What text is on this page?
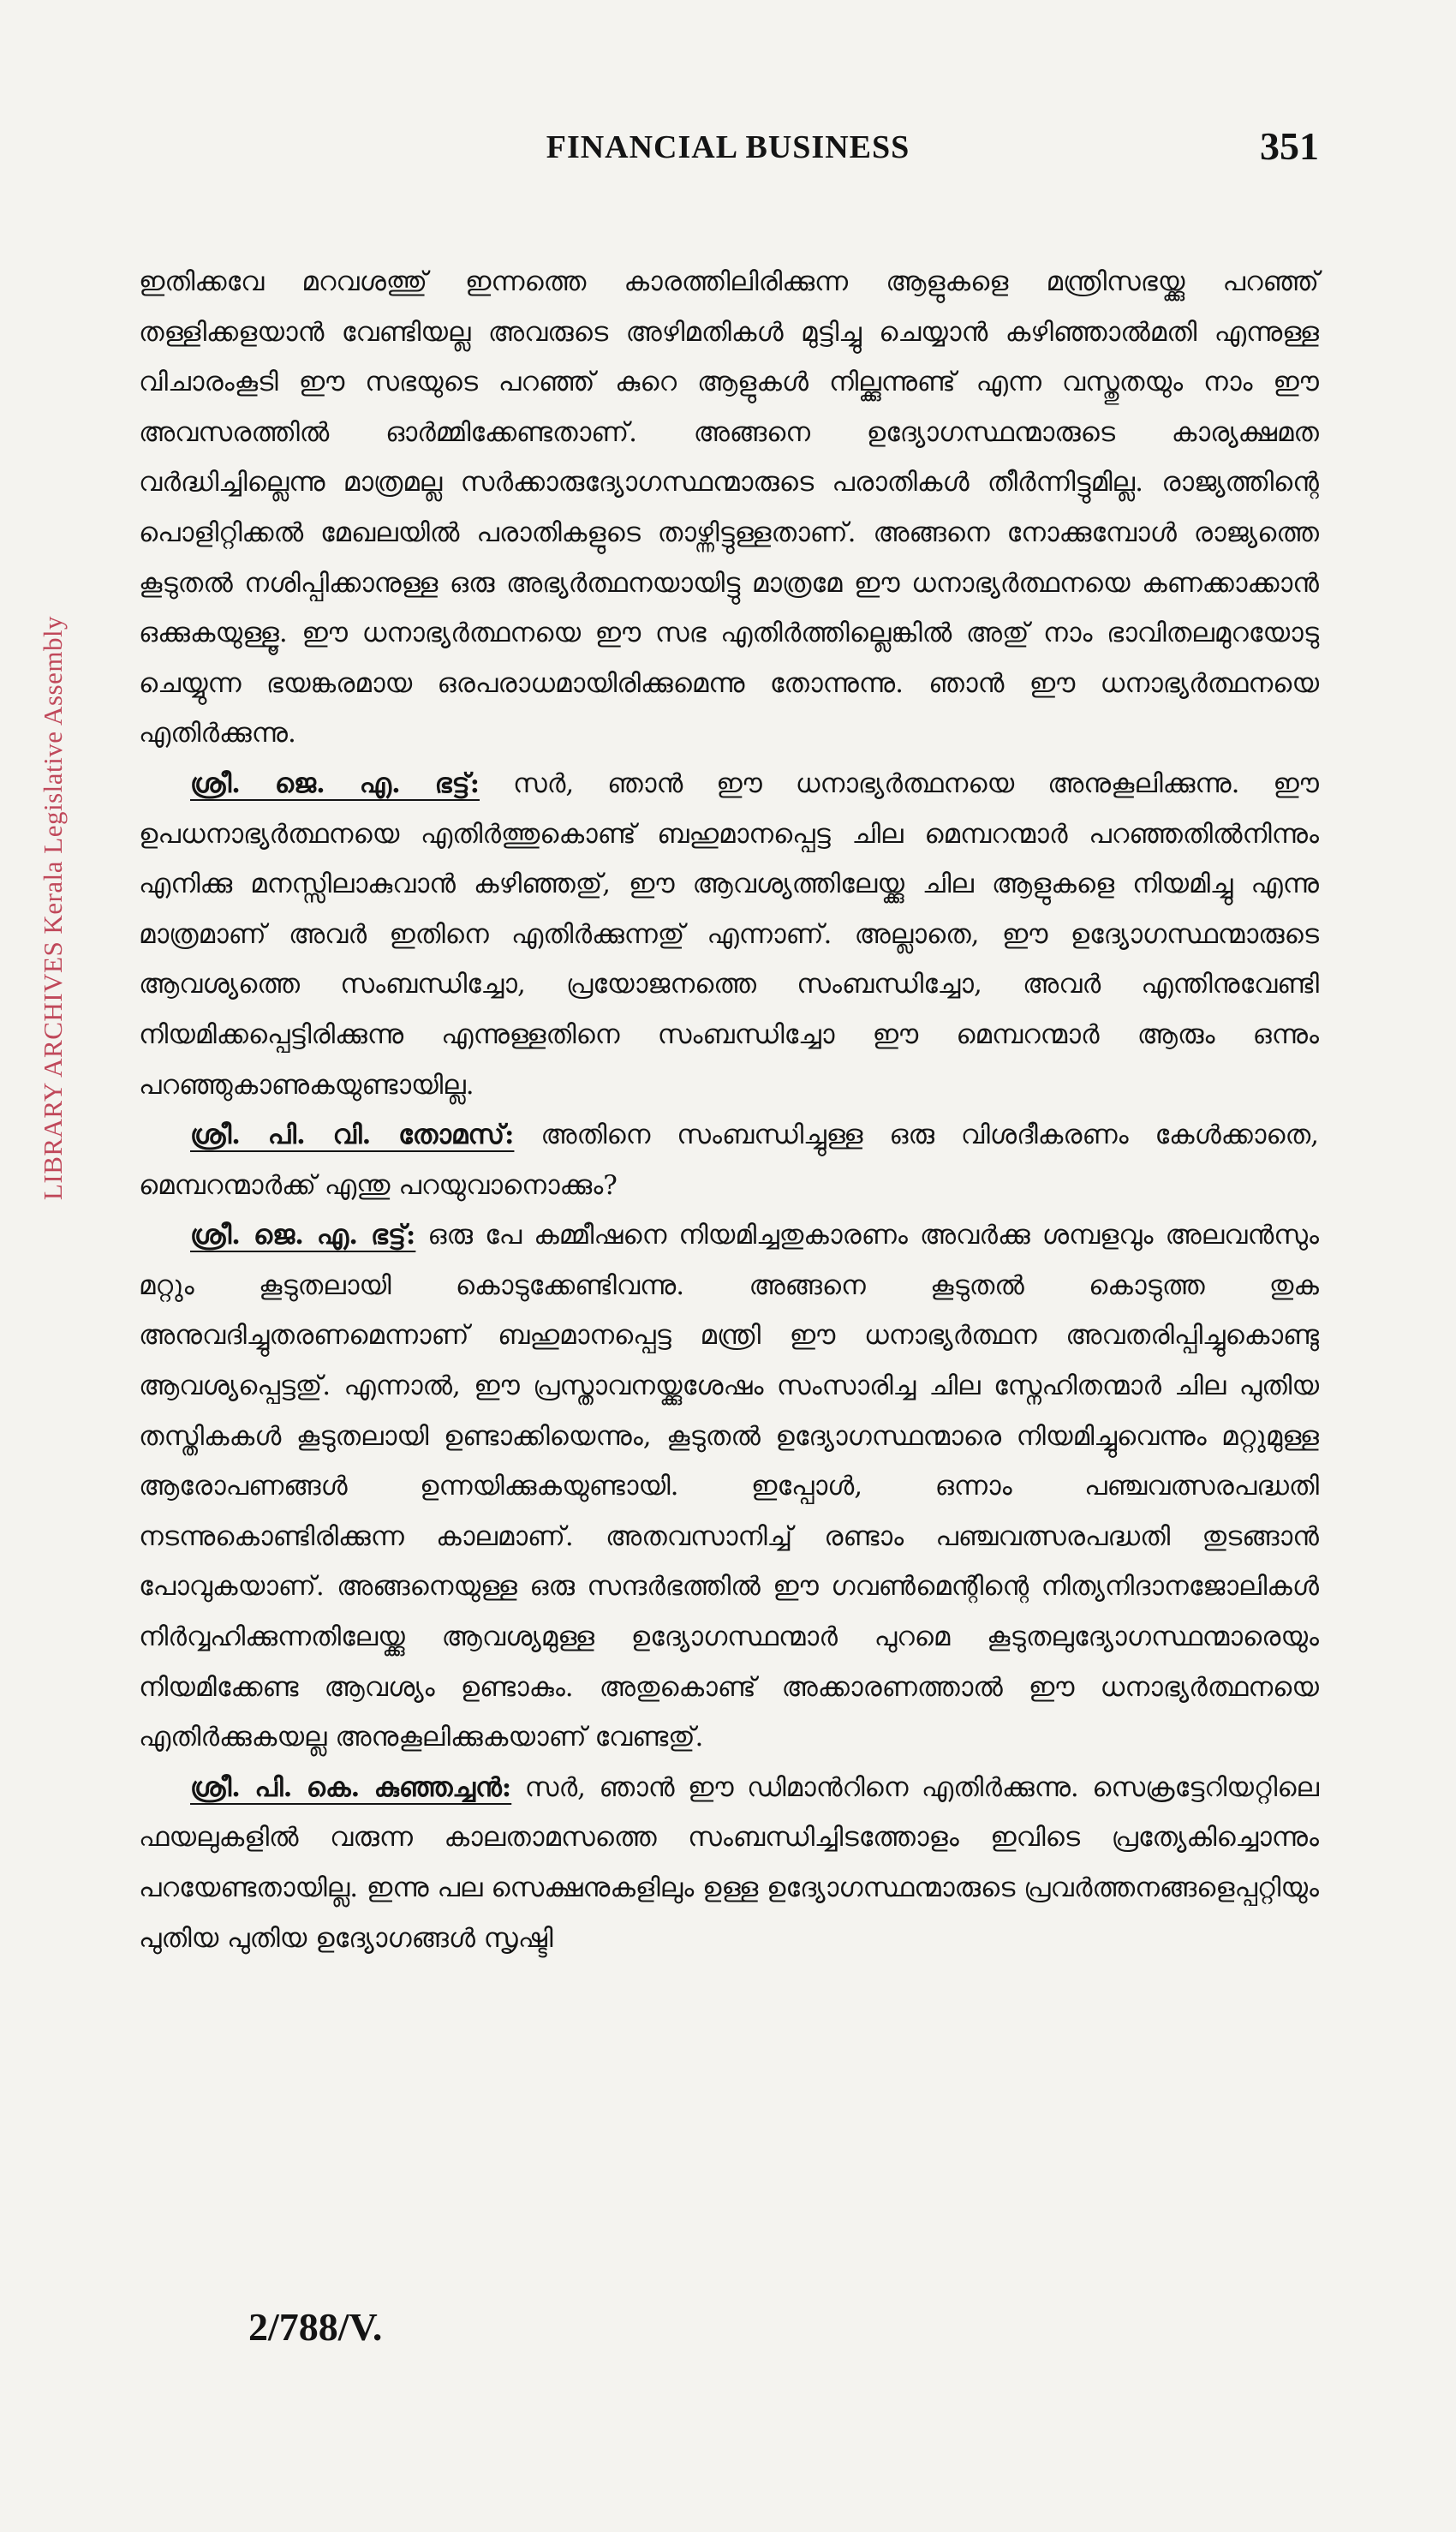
FINANCIAL BUSINESS	351
LIBRARY ARCHIVES Kerala Legislative Assembly

ഇതിക്കവേ മറവശത്തു് ഇന്നത്തെ കാരത്തിലിരിക്കുന്ന ആളുകളെ മന്ത്രിസഭയ്ക്കു പറഞ്ഞ് തള്ളിക്കളയാൻ വേണ്ടിയല്ല അവരുടെ അഴിമതികൾ മുട്ടിച്ചു ചെയ്യാൻ കഴിഞ്ഞാൽമതി എന്നുള്ള വിചാരംകൂടി ഈ സഭയുടെ പറഞ്ഞ് കുറെ ആളുകൾ നില്ക്കുന്നുണ്ട് എന്ന വസ്തുതയും നാം ഈ അവസരത്തിൽ ഓർമ്മിക്കേണ്ടതാണ്. അങ്ങനെ ഉദ്യോഗസ്ഥന്മാരുടെ കാര്യക്ഷമത വർദ്ധിച്ചില്ലെന്നു മാത്രമല്ല സർക്കാരുദ്യോഗസ്ഥന്മാരുടെ പരാതികൾ തീർന്നിട്ടുമില്ല. രാജ്യത്തിന്റെ പൊളിറ്റിക്കൽ മേഖലയിൽ പരാതികളുടെ താഴ്ന്നിട്ടുള്ളതാണ്. അങ്ങനെ നോക്കുമ്പോൾ രാജ്യത്തെ കൂടുതൽ നശിപ്പിക്കാനുള്ള ഒരു അഭ്യർത്ഥനയായിട്ടു മാത്രമേ ഈ ധനാഭ്യർത്ഥനയെ കണക്കാക്കാൻ ഒക്കുകയുള്ളൂ. ഈ ധനാഭ്യർത്ഥനയെ ഈ സഭ എതിർത്തില്ലെങ്കിൽ അതു് നാം ഭാവിതലമുറയോടു ചെയ്യുന്ന ഭയങ്കരമായ ഒരപരാധമായിരിക്കുമെന്നു തോന്നുന്നു. ഞാൻ ഈ ധനാഭ്യർത്ഥനയെ എതിർക്കുന്നു.

ശ്രീ. ജെ. എ. ഭട്ട്: സർ, ഞാൻ ഈ ധനാഭ്യർത്ഥനയെ അനുകൂലിക്കുന്നു. ഈ ഉപധനാഭ്യർത്ഥനയെ എതിർത്തുകൊണ്ട് ബഹുമാനപ്പെട്ട ചില മെമ്പറന്മാർ പറഞ്ഞതിൽനിന്നും എനിക്കു മനസ്സിലാകുവാൻ കഴിഞ്ഞതു്, ഈ ആവശ്യത്തിലേയ്ക്കു ചില ആളുകളെ നിയമിച്ചു എന്നു മാത്രമാണ് അവർ ഇതിനെ എതിർക്കുന്നതു് എന്നാണ്. അല്ലാതെ, ഈ ഉദ്യോഗസ്ഥന്മാരുടെ ആവശ്യത്തെ സംബന്ധിച്ചോ, പ്രയോജനത്തെ സംബന്ധിച്ചോ, അവർ എന്തിനുവേണ്ടി നിയമിക്കപ്പെട്ടിരിക്കുന്നു എന്നുള്ളതിനെ സംബന്ധിച്ചോ ഈ മെമ്പറന്മാർ ആരും ഒന്നും പറഞ്ഞുകാണുകയുണ്ടായില്ല.

ശ്രീ. പി. വി. തോമസ്: അതിനെ സംബന്ധിച്ചുള്ള ഒരു വിശദീകരണം കേൾക്കാതെ, മെമ്പറന്മാർക്ക് എന്തു പറയുവാനൊക്കും?

ശ്രീ. ജെ. എ. ഭട്ട്: ഒരു പേ കമ്മീഷനെ നിയമിച്ചതുകാരണം അവർക്കു ശമ്പളവും അലവൻസും മറ്റും കൂടുതലായി കൊടുക്കേണ്ടിവന്നു. അങ്ങനെ കൂടുതൽ കൊടുത്ത തുക അനുവദിച്ചുതരണമെന്നാണ് ബഹുമാനപ്പെട്ട മന്ത്രി ഈ ധനാഭ്യർത്ഥന അവതരിപ്പിച്ചുകൊണ്ടു ആവശ്യപ്പെട്ടതു്. എന്നാൽ, ഈ പ്രസ്താവനയ്ക്കുശേഷം സംസാരിച്ച ചില സ്നേഹിതന്മാർ ചില പുതിയ തസ്തികകൾ കൂടുതലായി ഉണ്ടാക്കിയെന്നും, കൂടുതൽ ഉദ്യോഗസ്ഥന്മാരെ നിയമിച്ചുവെന്നും മറ്റുമുള്ള ആരോപണങ്ങൾ ഉന്നയിക്കുകയുണ്ടായി. ഇപ്പോൾ, ഒന്നാം പഞ്ചവത്സരപദ്ധതി നടന്നുകൊണ്ടിരിക്കുന്ന കാലമാണ്. അതവസാനിച്ച് രണ്ടാം പഞ്ചവത്സരപദ്ധതി തുടങ്ങാൻ പോവുകയാണ്. അങ്ങനെയുള്ള ഒരു സന്ദർഭത്തിൽ ഈ ഗവൺമെന്റിന്റെ നിത്യനിദാനജോലികൾ നിർവ്വഹിക്കുന്നതിലേയ്ക്കു ആവശ്യമുള്ള ഉദ്യോഗസ്ഥന്മാർ പുറമെ കൂടുതലുദ്യോഗസ്ഥന്മാരെയും നിയമിക്കേണ്ട ആവശ്യം ഉണ്ടാകും. അതുകൊണ്ട് അക്കാരണത്താൽ ഈ ധനാഭ്യർത്ഥനയെ എതിർക്കുകയല്ല അനുകൂലിക്കുകയാണ് വേണ്ടതു്.

ശ്രീ. പി. കെ. കുഞ്ഞച്ചൻ: സർ, ഞാൻ ഈ ഡിമാൻറിനെ എതിർക്കുന്നു. സെക്രട്ടേറിയറ്റിലെ ഫയലുകളിൽ വരുന്ന കാലതാമസത്തെ സംബന്ധിച്ചിടത്തോളം ഇവിടെ പ്രത്യേകിച്ചൊന്നും പറയേണ്ടതായില്ല. ഇന്നു പല സെക്ഷനുകളിലും ഉള്ള ഉദ്യോഗസ്ഥന്മാരുടെ പ്രവർത്തനങ്ങളെപ്പറ്റിയും പുതിയ പുതിയ ഉദ്യോഗങ്ങൾ സൃഷ്ടി

2/788/V.
